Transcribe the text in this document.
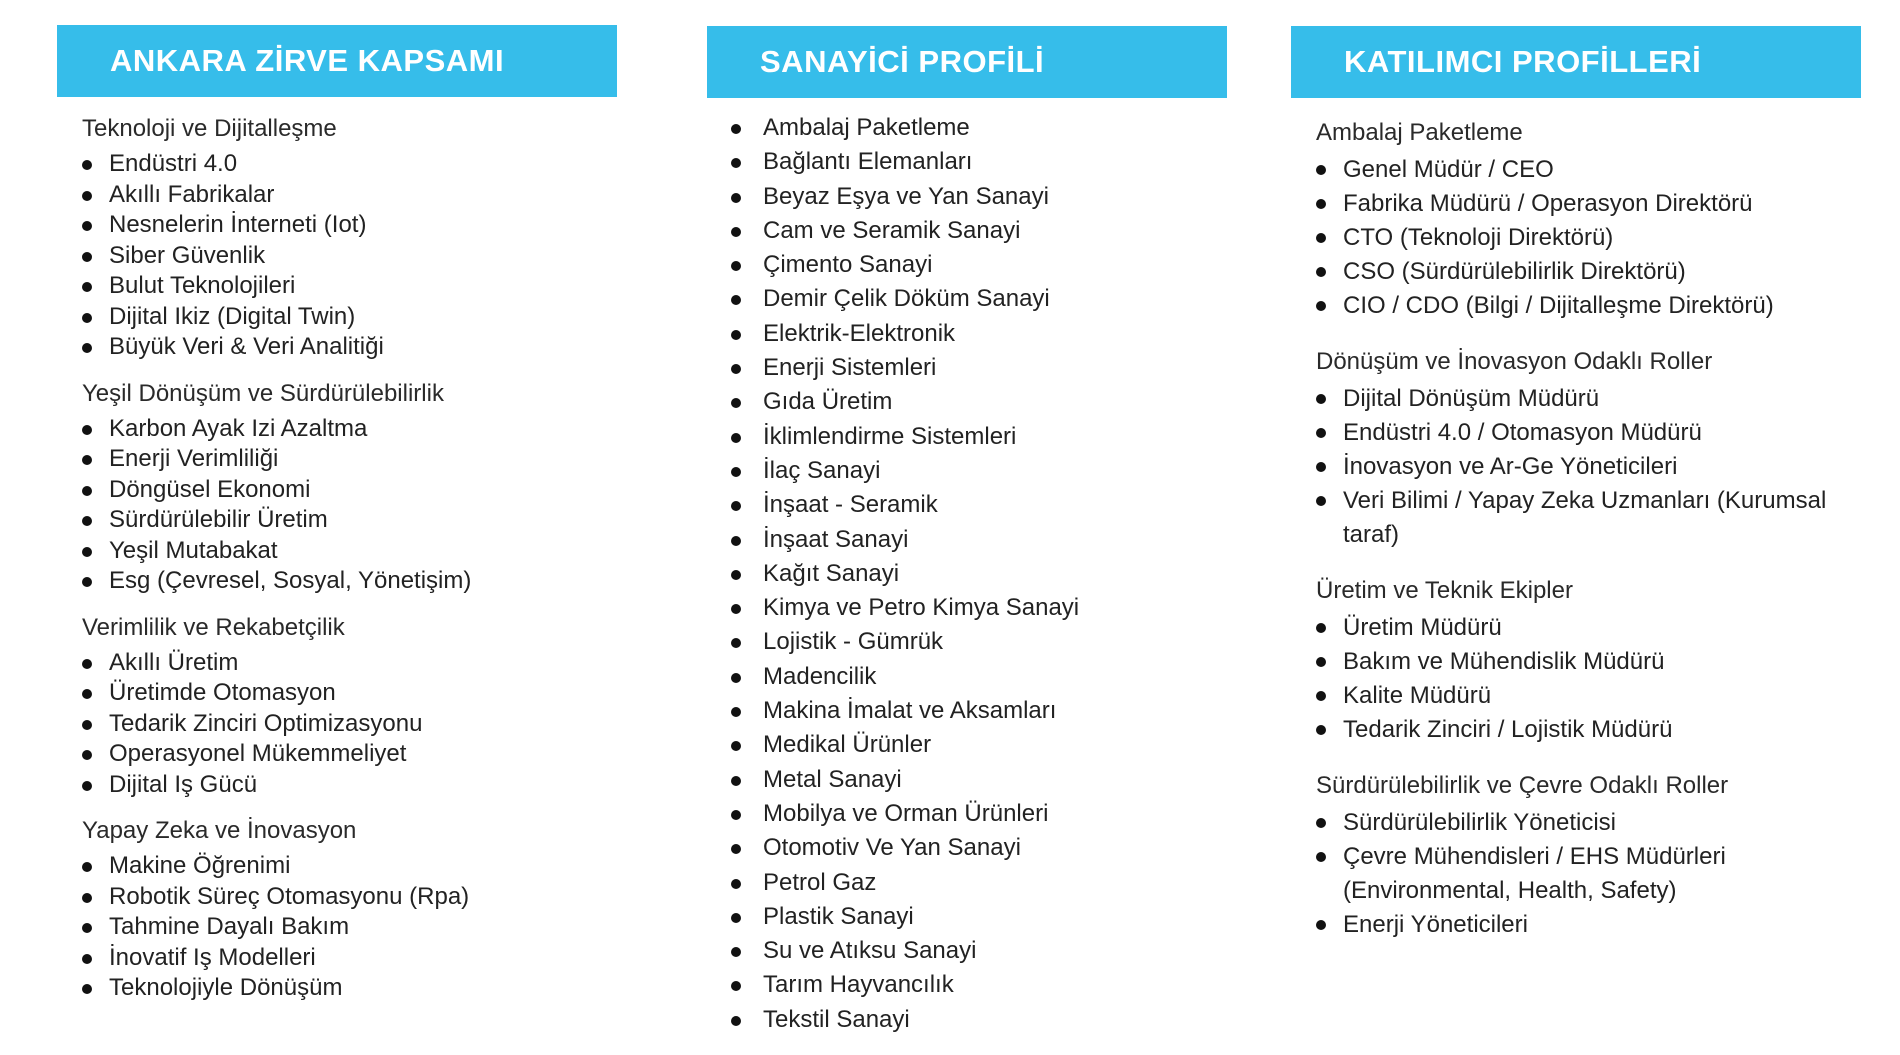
ANKARA ZİRVE KAPSAMI
Teknoloji ve Dijitalleşme
Endüstri 4.0
Akıllı Fabrikalar
Nesnelerin İnterneti (Iot)
Siber Güvenlik
Bulut Teknolojileri
Dijital Ikiz (Digital Twin)
Büyük Veri & Veri Analitiği
Yeşil Dönüşüm ve Sürdürülebilirlik
Karbon Ayak Izi Azaltma
Enerji Verimliliği
Döngüsel Ekonomi
Sürdürülebilir Üretim
Yeşil Mutabakat
Esg (Çevresel, Sosyal, Yönetişim)
Verimlilik ve Rekabetçilik
Akıllı Üretim
Üretimde Otomasyon
Tedarik Zinciri Optimizasyonu
Operasyonel Mükemmeliyet
Dijital Iş Gücü
Yapay Zeka ve İnovasyon
Makine Öğrenimi
Robotik Süreç Otomasyonu (Rpa)
Tahmine Dayalı Bakım
İnovatif Iş Modelleri
Teknolojiyle Dönüşüm
SANAYİCİ PROFİLİ
Ambalaj Paketleme
Bağlantı Elemanları
Beyaz Eşya ve Yan Sanayi
Cam ve Seramik Sanayi
Çimento Sanayi
Demir Çelik Döküm Sanayi
Elektrik-Elektronik
Enerji Sistemleri
Gıda Üretim
İklimlendirme Sistemleri
İlaç Sanayi
İnşaat - Seramik
İnşaat Sanayi
Kağıt Sanayi
Kimya ve Petro Kimya Sanayi
Lojistik - Gümrük
Madencilik
Makina İmalat ve Aksamları
Medikal Ürünler
Metal Sanayi
Mobilya ve Orman Ürünleri
Otomotiv Ve Yan Sanayi
Petrol Gaz
Plastik Sanayi
Su ve Atıksu Sanayi
Tarım Hayvancılık
Tekstil Sanayi
KATILIMCI PROFİLLERİ
Ambalaj Paketleme
Genel Müdür / CEO
Fabrika Müdürü / Operasyon Direktörü
CTO (Teknoloji Direktörü)
CSO (Sürdürülebilirlik Direktörü)
CIO / CDO (Bilgi / Dijitalleşme Direktörü)
Dönüşüm ve İnovasyon Odaklı Roller
Dijital Dönüşüm Müdürü
Endüstri 4.0 / Otomasyon Müdürü
İnovasyon ve Ar-Ge Yöneticileri
Veri Bilimi / Yapay Zeka Uzmanları (Kurumsal taraf)
Üretim ve Teknik Ekipler
Üretim Müdürü
Bakım ve Mühendislik Müdürü
Kalite Müdürü
Tedarik Zinciri / Lojistik Müdürü
Sürdürülebilirlik ve Çevre Odaklı Roller
Sürdürülebilirlik Yöneticisi
Çevre Mühendisleri / EHS Müdürleri (Environmental, Health, Safety)
Enerji Yöneticileri
